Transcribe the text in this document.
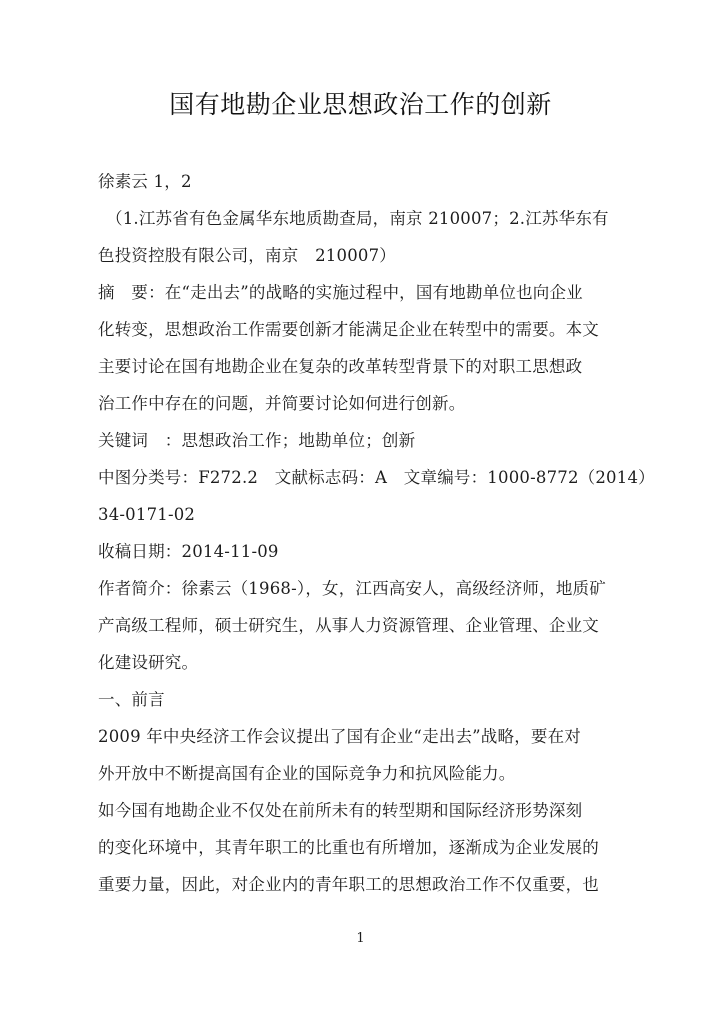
国有地勘企业思想政治工作的创新
徐素云 1，2
（1.江苏省有色金属华东地质勘查局，南京 210007；2.江苏华东有
色投资控股有限公司，南京　210007）
摘　要：在“走出去”的战略的实施过程中，国有地勘单位也向企业
化转变，思想政治工作需要创新才能满足企业在转型中的需要。本文
主要讨论在国有地勘企业在复杂的改革转型背景下的对职工思想政
治工作中存在的问题，并简要讨论如何进行创新。
关键词　：思想政治工作；地勘单位；创新
中图分类号：F272.2　文献标志码：A　文章编号：1000-8772（2014）
34-0171-02
收稿日期：2014-11-09
作者简介：徐素云（1968-），女，江西高安人，高级经济师，地质矿
产高级工程师，硕士研究生，从事人力资源管理、企业管理、企业文
化建设研究。
一、前言
2009 年中央经济工作会议提出了国有企业“走出去”战略，要在对
外开放中不断提高国有企业的国际竞争力和抗风险能力。
如今国有地勘企业不仅处在前所未有的转型期和国际经济形势深刻
的变化环境中，其青年职工的比重也有所增加，逐渐成为企业发展的
重要力量，因此，对企业内的青年职工的思想政治工作不仅重要，也
1
